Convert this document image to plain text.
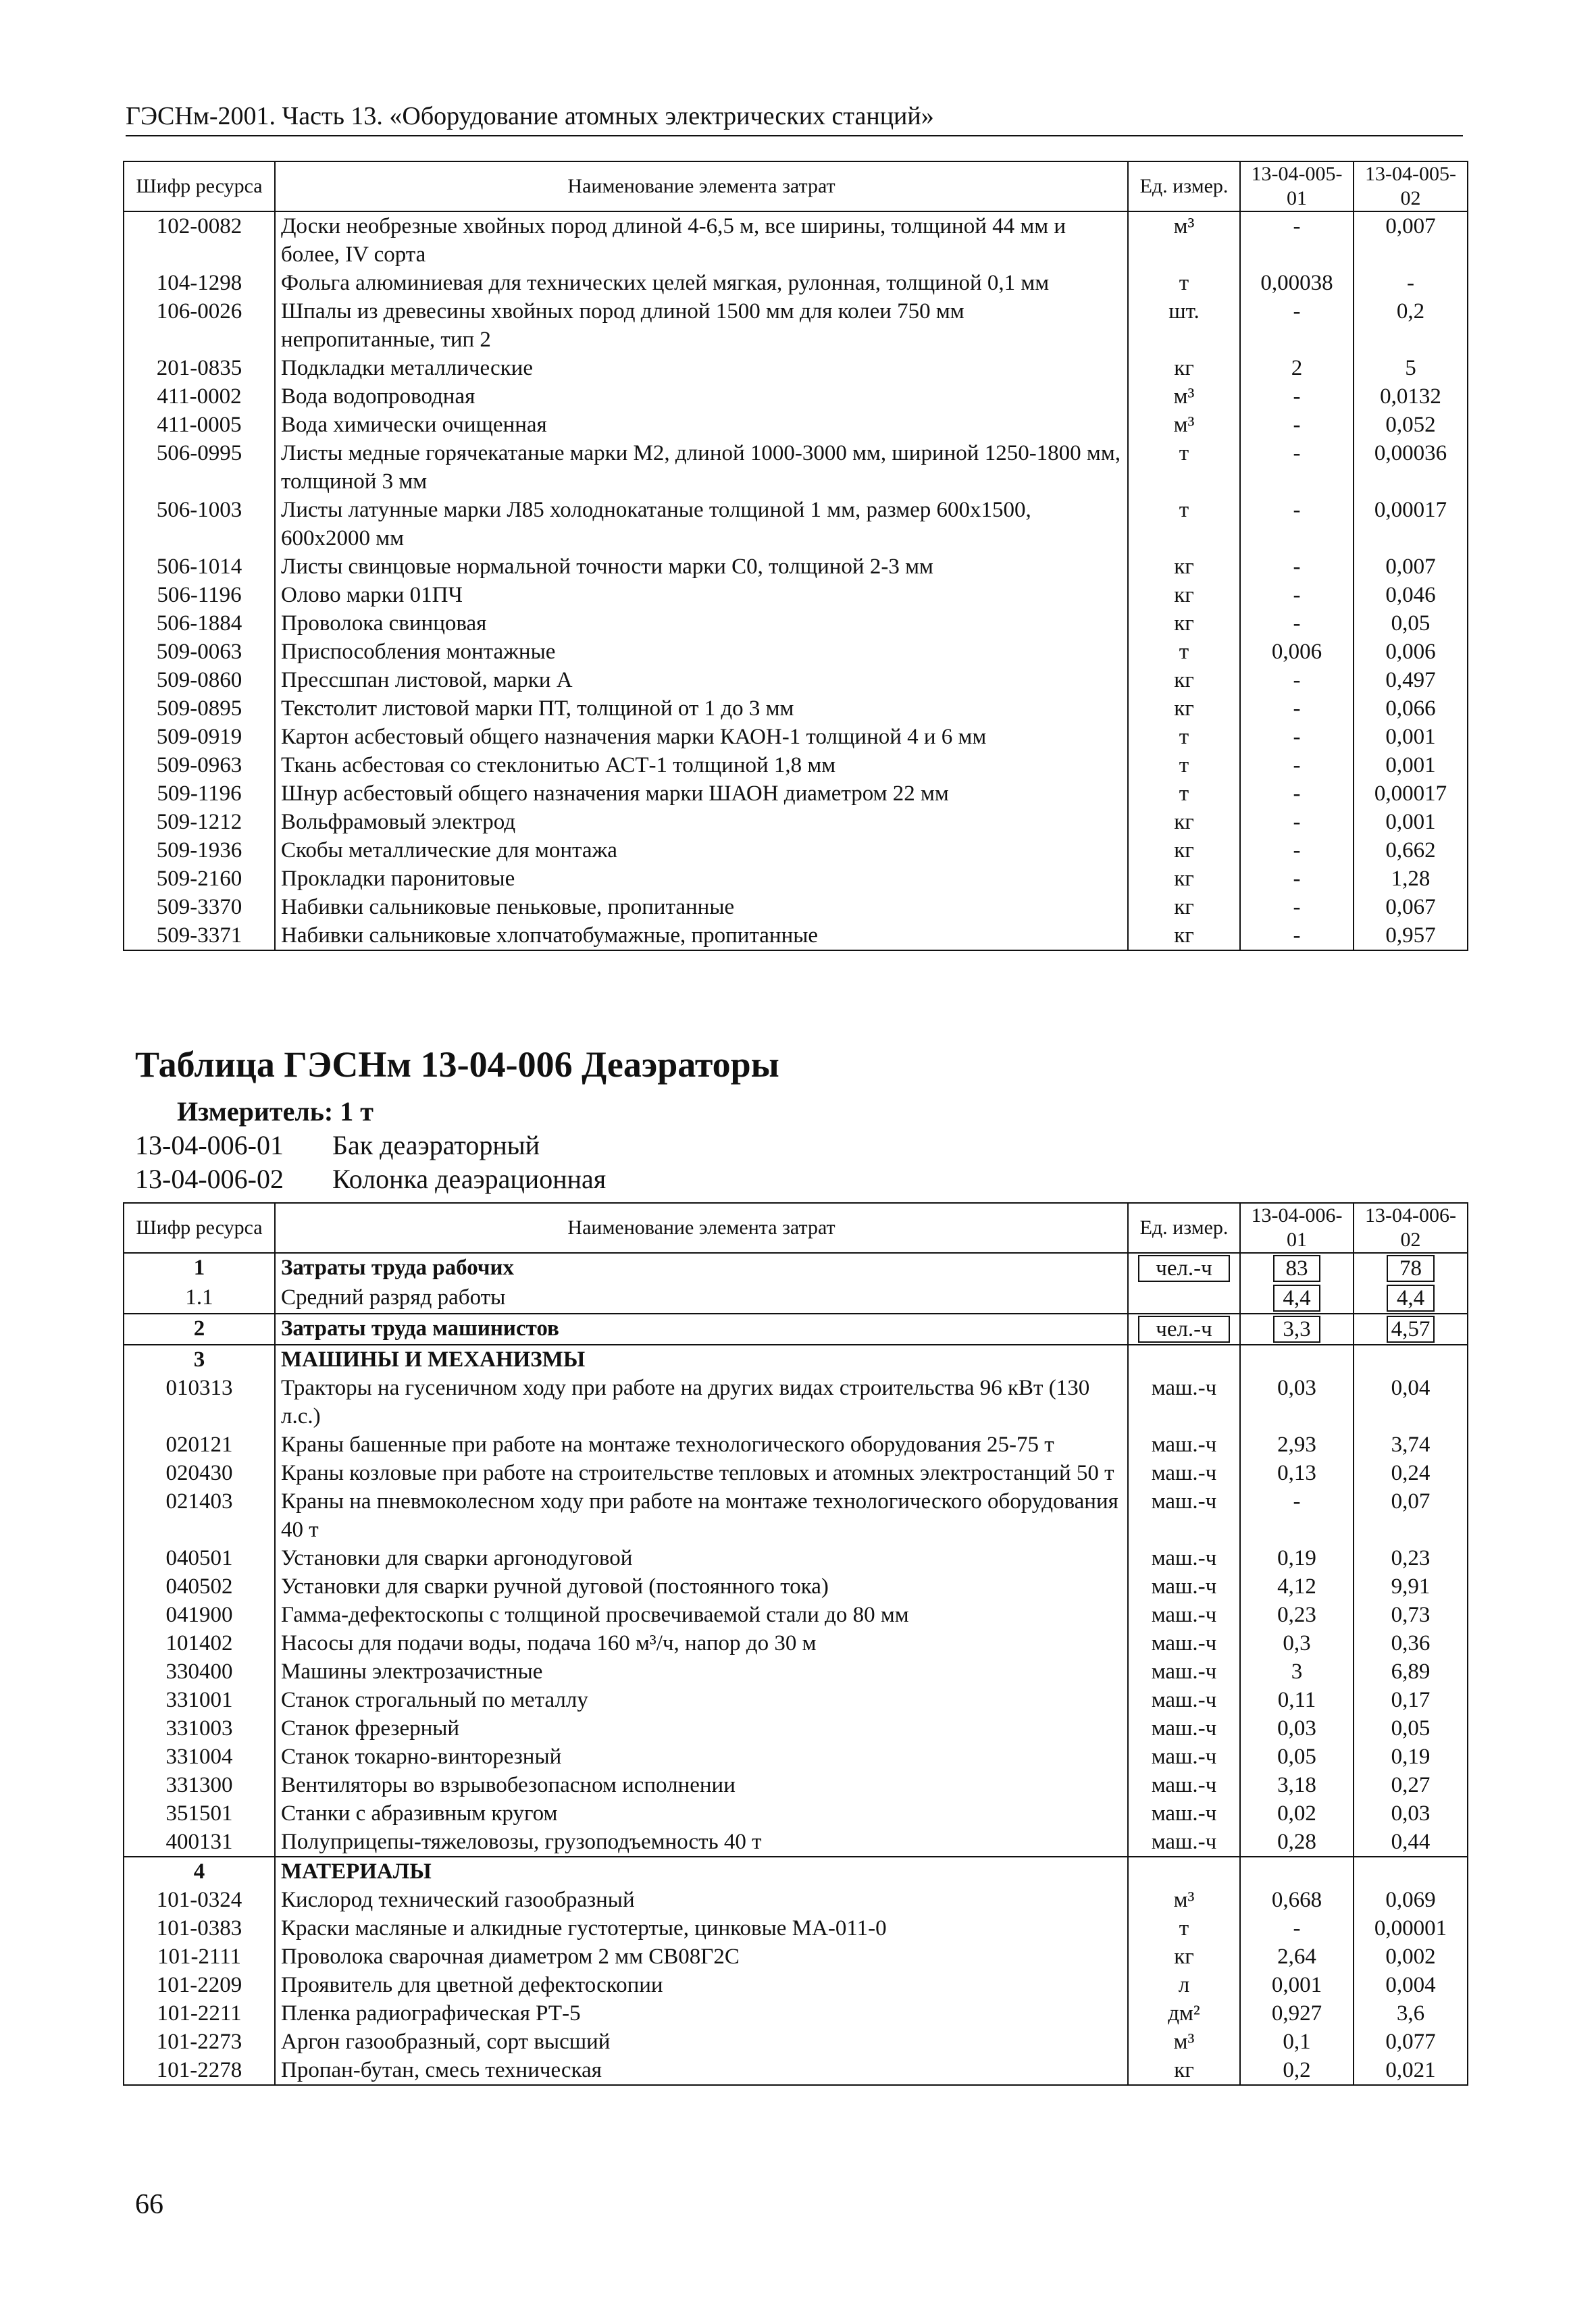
ГЭСНм-2001. Часть 13. «Оборудование атомных электрических станций»
Шифр ресурса	Наименование элемента затрат	Ед. измер.	13-04-005-01	13-04-005-02
102-0082	Доски необрезные хвойных пород длиной 4-6,5 м, все ширины, толщиной 44 мм и более, IV сорта	м³	-	0,007
104-1298	Фольга алюминиевая для технических целей мягкая, рулонная, толщиной 0,1 мм	т	0,00038	-
106-0026	Шпалы из древесины хвойных пород длиной 1500 мм для колеи 750 мм непропитанные, тип 2	шт.	-	0,2
201-0835	Подкладки металлические	кг	2	5
411-0002	Вода водопроводная	м³	-	0,0132
411-0005	Вода химически очищенная	м³	-	0,052
506-0995	Листы медные горячекатаные марки М2, длиной 1000-3000 мм, шириной 1250-1800 мм, толщиной 3 мм	т	-	0,00036
506-1003	Листы латунные марки Л85 холоднокатаные толщиной 1 мм, размер 600x1500, 600x2000 мм	т	-	0,00017
506-1014	Листы свинцовые нормальной точности марки С0, толщиной 2-3 мм	кг	-	0,007
506-1196	Олово марки 01ПЧ	кг	-	0,046
506-1884	Проволока свинцовая	кг	-	0,05
509-0063	Приспособления монтажные	т	0,006	0,006
509-0860	Прессшпан листовой, марки А	кг	-	0,497
509-0895	Текстолит листовой марки ПТ, толщиной от 1 до 3 мм	кг	-	0,066
509-0919	Картон асбестовый общего назначения марки КАОН-1 толщиной 4 и 6 мм	т	-	0,001
509-0963	Ткань асбестовая со стеклонитью АСТ-1 толщиной 1,8 мм	т	-	0,001
509-1196	Шнур асбестовый общего назначения марки ШАОН диаметром 22 мм	т	-	0,00017
509-1212	Вольфрамовый электрод	кг	-	0,001
509-1936	Скобы металлические для монтажа	кг	-	0,662
509-2160	Прокладки паронитовые	кг	-	1,28
509-3370	Набивки сальниковые пеньковые, пропитанные	кг	-	0,067
509-3371	Набивки сальниковые хлопчатобумажные, пропитанные	кг	-	0,957
Таблица ГЭСНм 13-04-006 Деаэраторы
Измеритель: 1 т
13-04-006-01 Бак деаэраторный
13-04-006-02 Колонка деаэрационная
Шифр ресурса	Наименование элемента затрат	Ед. измер.	13-04-006-01	13-04-006-02
1	Затраты труда рабочих	чел.-ч	83	78

1.1	Средний разряд работы		4,4	4,4

2	Затраты труда машинистов	чел.-ч	3,3	4,57

3	МАШИНЫ И МЕХАНИЗМЫ			
010313	Тракторы на гусеничном ходу при работе на других видах строительства 96 кВт (130 л.с.)	маш.-ч	0,03	0,04
020121	Краны башенные при работе на монтаже технологического оборудования 25-75 т	маш.-ч	2,93	3,74
020430	Краны козловые при работе на строительстве тепловых и атомных электростанций 50 т	маш.-ч	0,13	0,24
021403	Краны на пневмоколесном ходу при работе на монтаже технологического оборудования 40 т	маш.-ч	-	0,07
040501	Установки для сварки аргонодуговой	маш.-ч	0,19	0,23
040502	Установки для сварки ручной дуговой (постоянного тока)	маш.-ч	4,12	9,91
041900	Гамма-дефектоскопы с толщиной просвечиваемой стали до 80 мм	маш.-ч	0,23	0,73
101402	Насосы для подачи воды, подача 160 м³/ч, напор до 30 м	маш.-ч	0,3	0,36
330400	Машины электрозачистные	маш.-ч	3	6,89
331001	Станок строгальный по металлу	маш.-ч	0,11	0,17
331003	Станок фрезерный	маш.-ч	0,03	0,05
331004	Станок токарно-винторезный	маш.-ч	0,05	0,19
331300	Вентиляторы во взрывобезопасном исполнении	маш.-ч	3,18	0,27
351501	Станки с абразивным кругом	маш.-ч	0,02	0,03
400131	Полуприцепы-тяжеловозы, грузоподъемность 40 т	маш.-ч	0,28	0,44
4	МАТЕРИАЛЫ			
101-0324	Кислород технический газообразный	м³	0,668	0,069
101-0383	Краски масляные и алкидные густотертые, цинковые МА-011-0	т	-	0,00001
101-2111	Проволока сварочная диаметром 2 мм СВ08Г2С	кг	2,64	0,002
101-2209	Проявитель для цветной дефектоскопии	л	0,001	0,004
101-2211	Пленка радиографическая РТ-5	дм²	0,927	3,6
101-2273	Аргон газообразный, сорт высший	м³	0,1	0,077
101-2278	Пропан-бутан, смесь техническая	кг	0,2	0,021
66
